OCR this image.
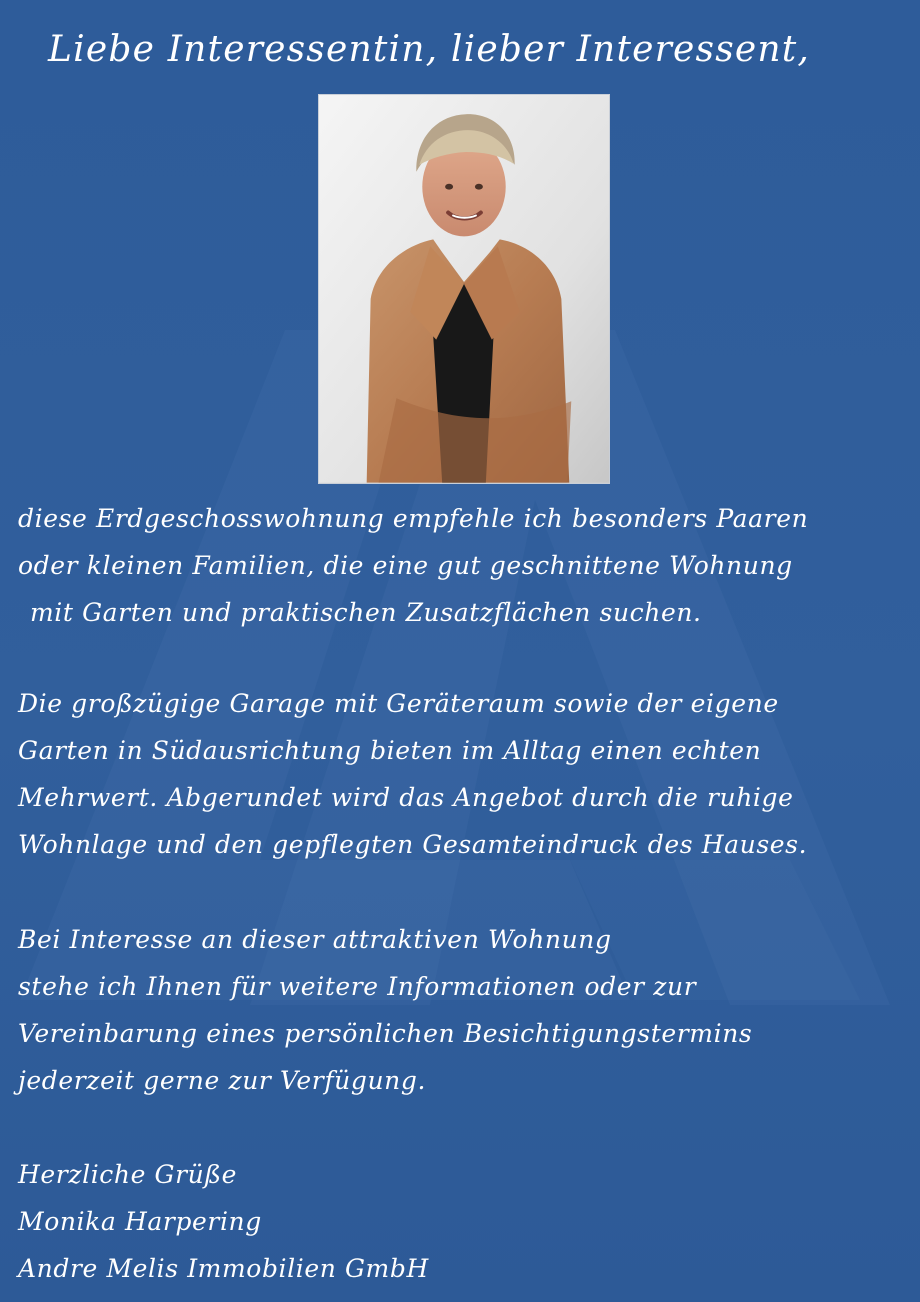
Liebe Interessentin, lieber Interessent,
diese Erdgeschosswohnung empfehle ich besonders Paaren
oder kleinen Familien, die eine gut geschnittene Wohnung
mit Garten und praktischen Zusatzflächen suchen.
Die großzügige Garage mit Geräteraum sowie der eigene
Garten in Südausrichtung bieten im Alltag einen echten
Mehrwert. Abgerundet wird das Angebot durch die ruhige
Wohnlage und den gepflegten Gesamteindruck des Hauses.
Bei Interesse an dieser attraktiven Wohnung
stehe ich Ihnen für weitere Informationen oder zur
Vereinbarung eines persönlichen Besichtigungstermins
jederzeit gerne zur Verfügung.
Herzliche Grüße
Monika Harpering
Andre Melis Immobilien GmbH
